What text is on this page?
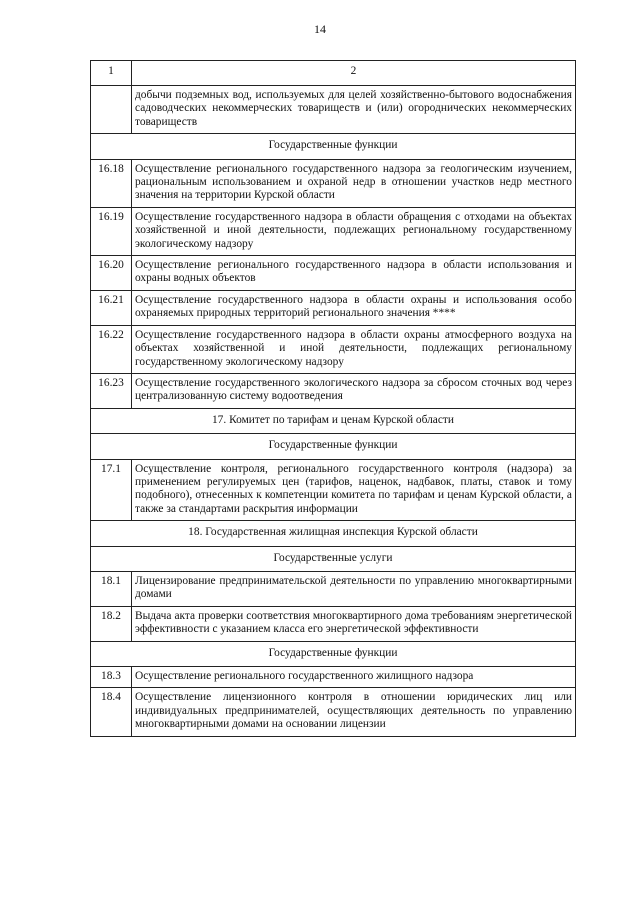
14
1	2
	добычи подземных вод, используемых для целей хозяйственно-бытового водоснабжения садоводческих некоммерческих товариществ и (или) огороднических некоммерческих товариществ
Государственные функции	
16.18	Осуществление регионального государственного надзора за геологическим изучением, рациональным использованием и охраной недр в отношении участков недр местного значения на территории Курской области
16.19	Осуществление государственного надзора в области обращения с отходами на объектах хозяйственной и иной деятельности, подлежащих региональному государственному экологическому надзору
16.20	Осуществление регионального государственного надзора в области использования и охраны водных объектов
16.21	Осуществление государственного надзора в области охраны и использования особо охраняемых природных территорий регионального значения ****
16.22	Осуществление государственного надзора в области охраны атмосферного воздуха на объектах хозяйственной и иной деятельности, подлежащих региональному государственному экологическому надзору
16.23	Осуществление государственного экологического надзора за сбросом сточных вод через централизованную систему водоотведения
17. Комитет по тарифам и ценам Курской области	
Государственные функции	
17.1	Осуществление контроля, регионального государственного контроля (надзора) за применением регулируемых цен (тарифов, наценок, надбавок, платы, ставок и тому подобного), отнесенных к компетенции комитета по тарифам и ценам Курской области, а также за стандартами раскрытия информации
18. Государственная жилищная инспекция Курской области	
Государственные услуги	
18.1	Лицензирование предпринимательской деятельности по управлению многоквартирными домами
18.2	Выдача акта проверки соответствия многоквартирного дома требованиям энергетической эффективности с указанием класса его энергетической эффективности
Государственные функции	
18.3	Осуществление регионального государственного жилищного надзора
18.4	Осуществление лицензионного контроля в отношении юридических лиц или индивидуальных предпринимателей, осуществляющих деятельность по управлению многоквартирными домами на основании лицензии
